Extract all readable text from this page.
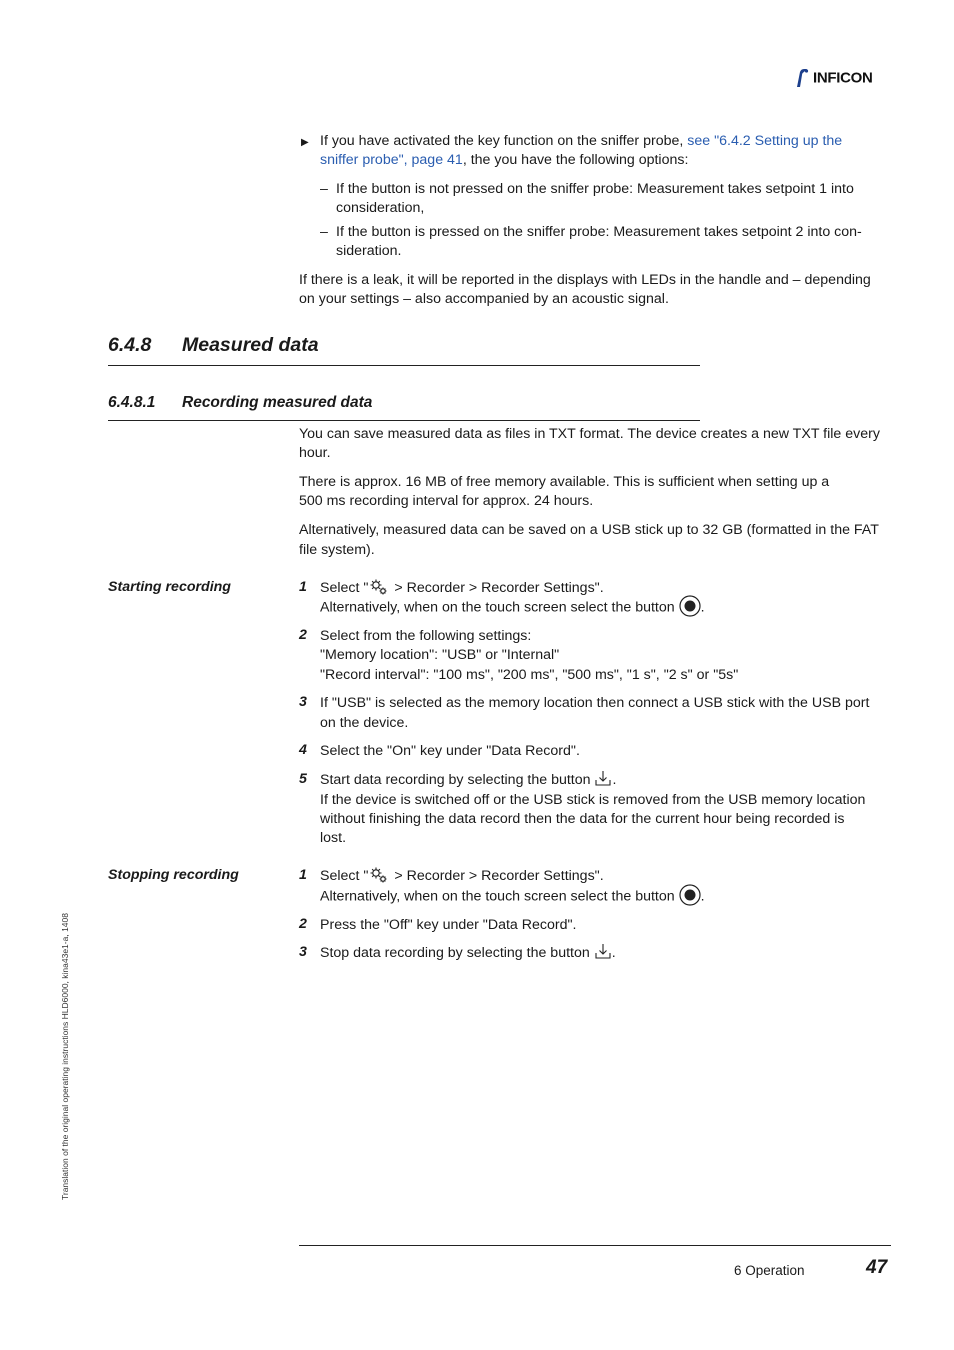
INFICON
▶ If you have activated the key function on the sniffer probe, see "6.4.2 Setting up the
sniffer probe", page 41, the you have the following options:
– If the button is not pressed on the sniffer probe: Measurement takes setpoint 1 into
consideration,
– If the button is pressed on the sniffer probe: Measurement takes setpoint 2 into con-
sideration.
If there is a leak, it will be reported in the displays with LEDs in the handle and – depending
on your settings – also accompanied by an acoustic signal.
6.4.8 Measured data
6.4.8.1 Recording measured data
You can save measured data as files in TXT format. The device creates a new TXT file every
hour.
There is approx. 16 MB of free memory available. This is sufficient when setting up a
500 ms recording interval for approx. 24 hours.
Alternatively, measured data can be saved on a USB stick up to 32 GB (formatted in the FAT
file system).
Starting recording	1 Select " > Recorder > Recorder Settings".
Alternatively, when on the touch screen select the button .
2 Select from the following settings:
"Memory location": "USB" or "Internal"
"Record interval": "100 ms", "200 ms", "500 ms", "1 s", "2 s" or "5s"
3 If "USB" is selected as the memory location then connect a USB stick with the USB port
on the device.
4 Select the "On" key under "Data Record".
5 Start data recording by selecting the button .
If the device is switched off or the USB stick is removed from the USB memory location
without finishing the data record then the data for the current hour being recorded is
lost.
Stopping recording	1 Select " > Recorder > Recorder Settings".
Alternatively, when on the touch screen select the button .
2 Press the "Off" key under "Data Record".
3 Stop data recording by selecting the button .
Translation of the original operating instructions HLD6000, kina43e1-a, 1408
6 Operation	47
